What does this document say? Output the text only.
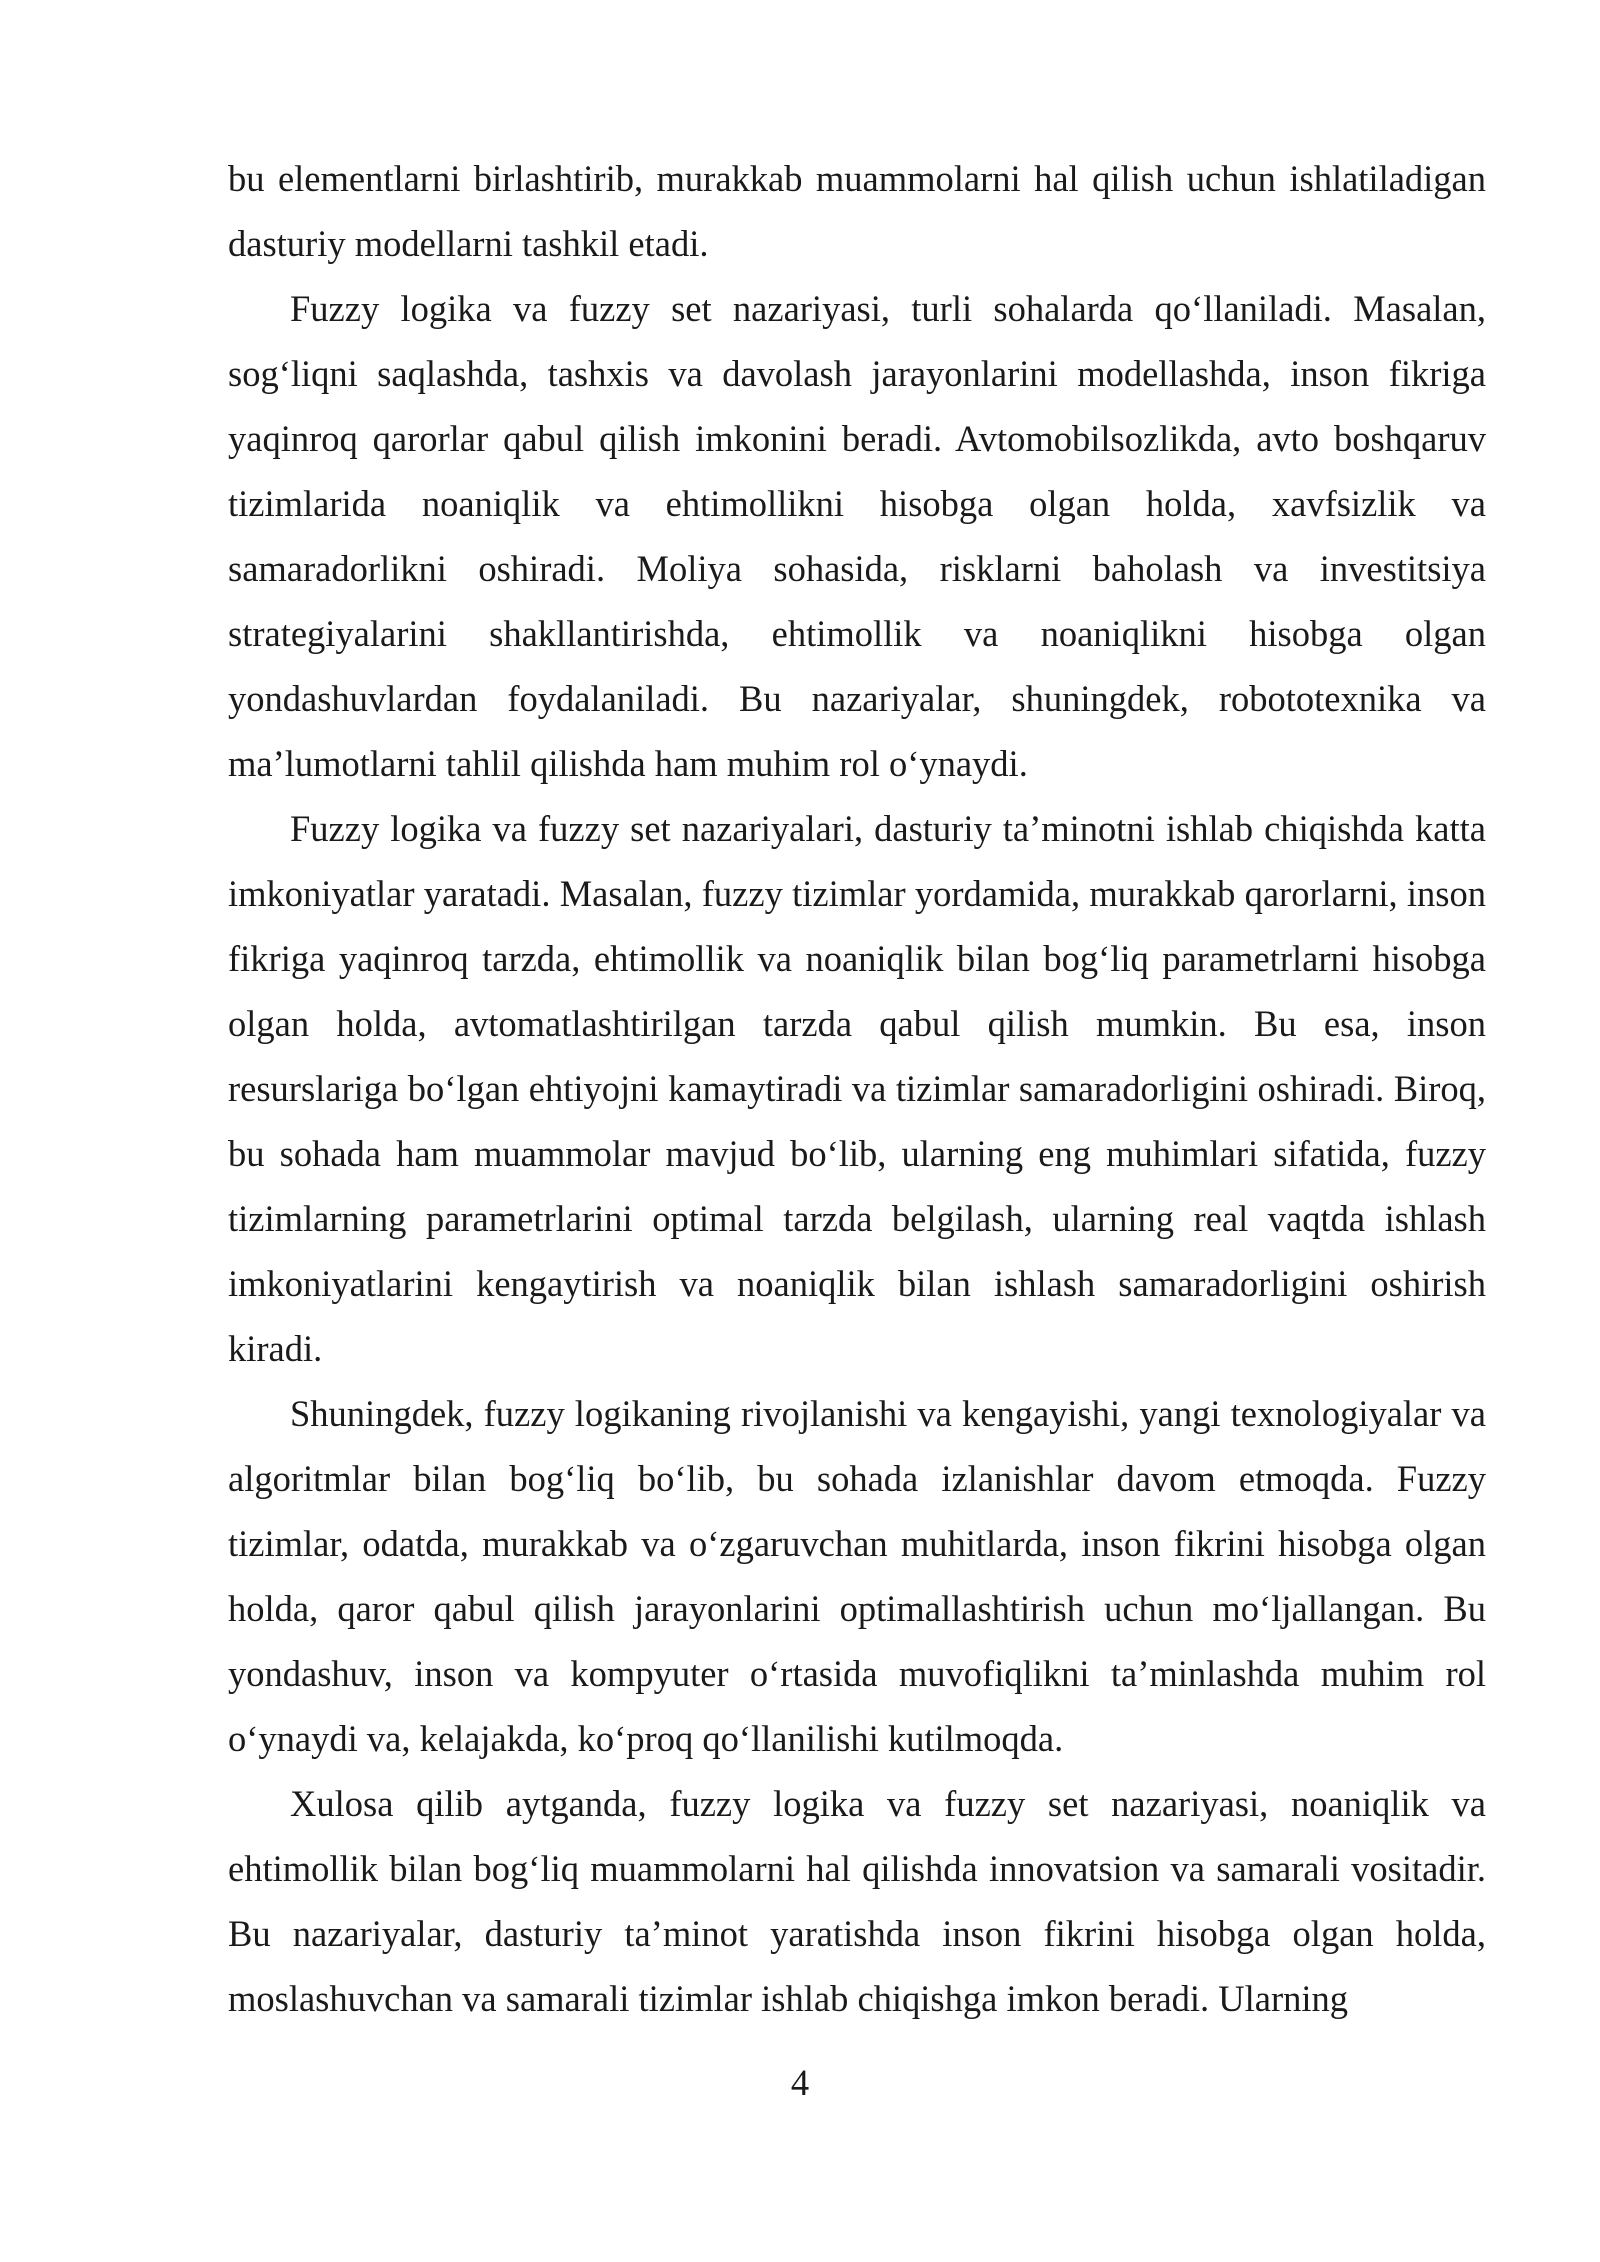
bu elementlarni birlashtirib, murakkab muammolarni hal qilish uchun ishlatiladigan dasturiy modellarni tashkil etadi.

Fuzzy logika va fuzzy set nazariyasi, turli sohalarda qo‘llaniladi. Masalan, sog‘liqni saqlashda, tashxis va davolash jarayonlarini modellashda, inson fikriga yaqinroq qarorlar qabul qilish imkonini beradi. Avtomobilsozlikda, avto boshqaruv tizimlarida noaniqlik va ehtimollikni hisobga olgan holda, xavfsizlik va samaradorlikni oshiradi. Moliya sohasida, risklarni baholash va investitsiya strategiyalarini shakllantirishda, ehtimollik va noaniqlikni hisobga olgan yondashuvlardan foydalaniladi. Bu nazariyalar, shuningdek, robototexnika va ma’lumotlarni tahlil qilishda ham muhim rol o‘ynaydi.

Fuzzy logika va fuzzy set nazariyalari, dasturiy ta’minotni ishlab chiqishda katta imkoniyatlar yaratadi. Masalan, fuzzy tizimlar yordamida, murakkab qarorlarni, inson fikriga yaqinroq tarzda, ehtimollik va noaniqlik bilan bog‘liq parametrlarni hisobga olgan holda, avtomatlashtirilgan tarzda qabul qilish mumkin. Bu esa, inson resurslariga bo‘lgan ehtiyojni kamaytiradi va tizimlar samaradorligini oshiradi. Biroq, bu sohada ham muammolar mavjud bo‘lib, ularning eng muhimlari sifatida, fuzzy tizimlarning parametrlarini optimal tarzda belgilash, ularning real vaqtda ishlash imkoniyatlarini kengaytirish va noaniqlik bilan ishlash samaradorligini oshirish kiradi.

Shuningdek, fuzzy logikaning rivojlanishi va kengayishi, yangi texnologiyalar va algoritmlar bilan bog‘liq bo‘lib, bu sohada izlanishlar davom etmoqda. Fuzzy tizimlar, odatda, murakkab va o‘zgaruvchan muhitlarda, inson fikrini hisobga olgan holda, qaror qabul qilish jarayonlarini optimallashtirish uchun mo‘ljallangan. Bu yondashuv, inson va kompyuter o‘rtasida muvofiqlikni ta’minlashda muhim rol o‘ynaydi va, kelajakda, ko‘proq qo‘llanilishi kutilmoqda.

Xulosa qilib aytganda, fuzzy logika va fuzzy set nazariyasi, noaniqlik va ehtimollik bilan bog‘liq muammolarni hal qilishda innovatsion va samarali vositadir. Bu nazariyalar, dasturiy ta’minot yaratishda inson fikrini hisobga olgan holda, moslashuvchan va samarali tizimlar ishlab chiqishga imkon beradi. Ularning

4
